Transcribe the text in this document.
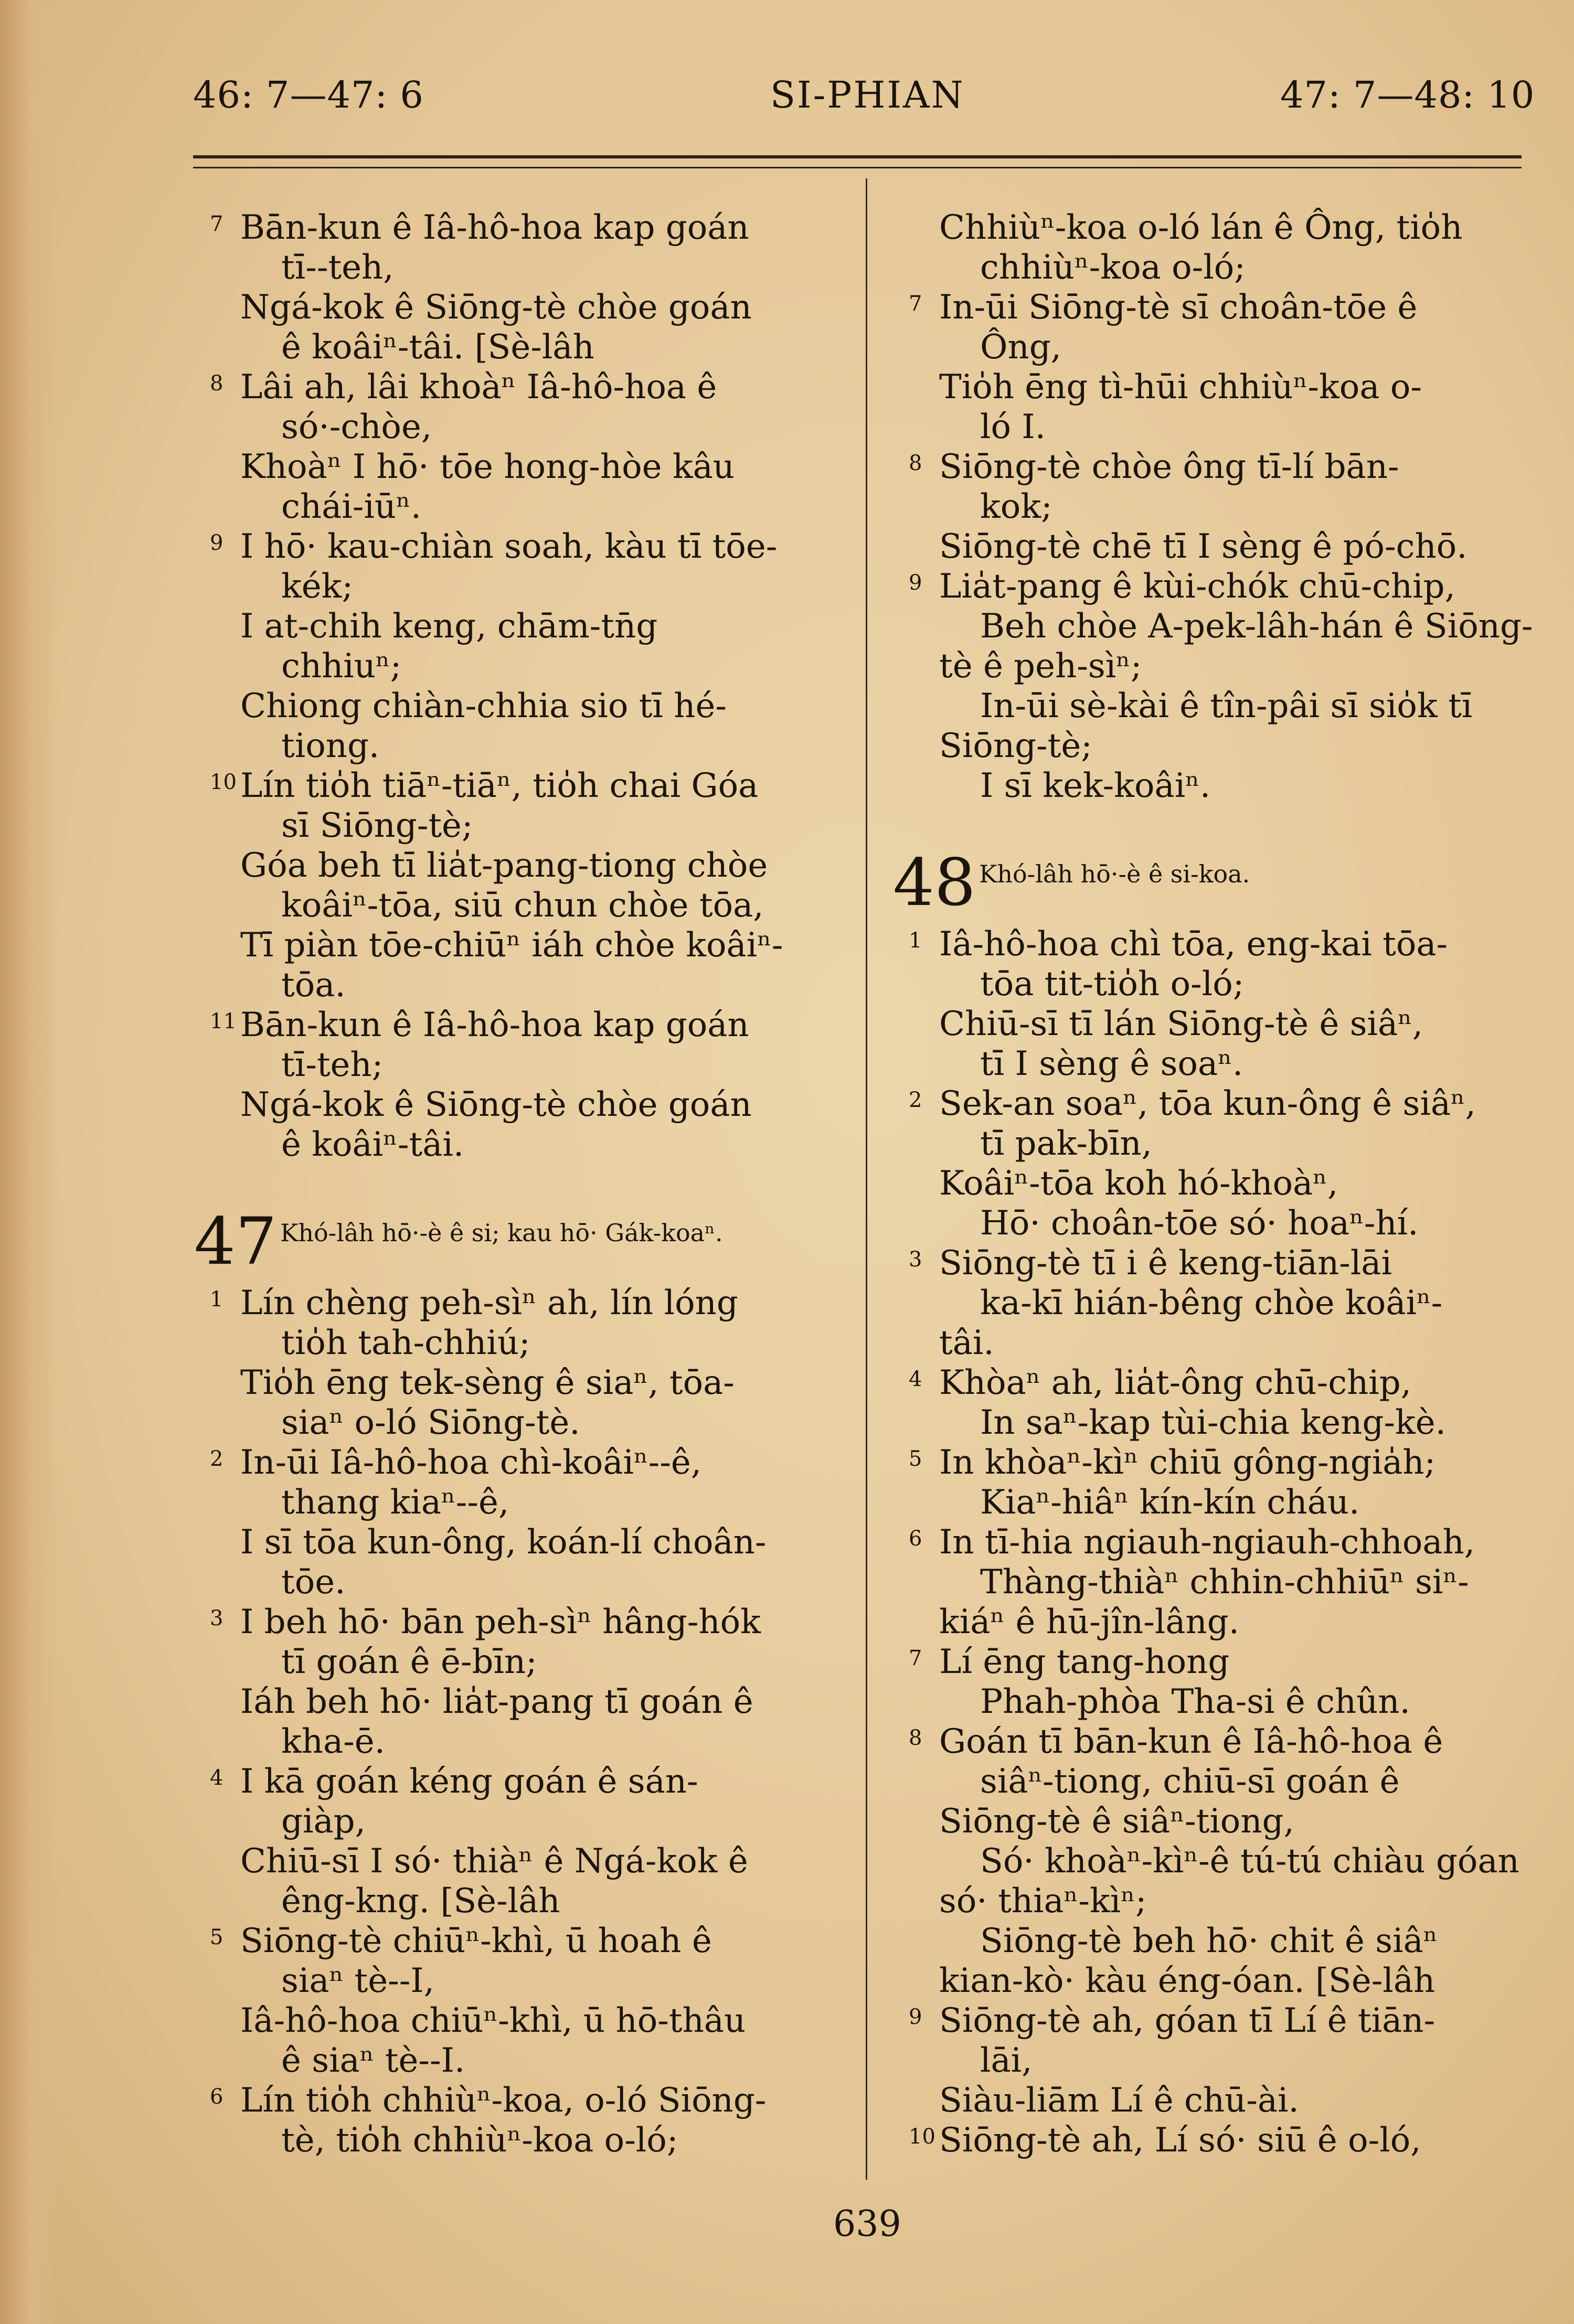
46: 7—47: 6	SI-PHIAN	47: 7—48: 10
7 Bān-kun ê Iâ-hô-hoa kap goán
tī--teh,
Ngá-kok ê Siōng-tè chòe goán
ê koâiⁿ-tâi. [Sè-lâh
8 Lâi ah, lâi khoàⁿ Iâ-hô-hoa ê
só·-chòe,
Khoàⁿ I hō· tōe hong-hòe kâu
chái-iūⁿ.
9 I hō· kau-chiàn soah, kàu tī tōe-
kék;
I at-chih keng, chām-tn̄g
chhiuⁿ;
Chiong chiàn-chhia sio tī hé-
tiong.
10 Lín tio̍h tiāⁿ-tiāⁿ, tio̍h chai Góa
sī Siōng-tè;
Góa beh tī lia̍t-pang-tiong chòe
koâiⁿ-tōa, siū chun chòe tōa,
Tī piàn tōe-chiūⁿ iáh chòe koâiⁿ-
tōa.
11 Bān-kun ê Iâ-hô-hoa kap goán
tī-teh;
Ngá-kok ê Siōng-tè chòe goán
ê koâiⁿ-tâi.
47 Khó-lâh hō·-è ê si; kau hō· Gák-koaⁿ.
1 Lín chèng peh-sìⁿ ah, lín lóng
tio̍h tah-chhiú;
Tio̍h ēng tek-sèng ê siaⁿ, tōa-
siaⁿ o-ló Siōng-tè.
2 In-ūi Iâ-hô-hoa chì-koâiⁿ--ê,
thang kiaⁿ--ê,
I sī tōa kun-ông, koán-lí choân-
tōe.
3 I beh hō· bān peh-sìⁿ hâng-hók
tī goán ê ē-bīn;
Iáh beh hō· lia̍t-pang tī goán ê
kha-ē.
4 I kā goán kéng goán ê sán-
giàp,
Chiū-sī I só· thiàⁿ ê Ngá-kok ê
êng-kng. [Sè-lâh
5 Siōng-tè chiūⁿ-khì, ū hoah ê
siaⁿ tè--I,
Iâ-hô-hoa chiūⁿ-khì, ū hō-thâu
ê siaⁿ tè--I.
6 Lín tio̍h chhiùⁿ-koa, o-ló Siōng-
tè, tio̍h chhiùⁿ-koa o-ló;
Chhiùⁿ-koa o-ló lán ê Ông, tio̍h
chhiùⁿ-koa o-ló;
7 In-ūi Siōng-tè sī choân-tōe ê
Ông,
Tio̍h ēng tì-hūi chhiùⁿ-koa o-
ló I.
8 Siōng-tè chòe ông tī-lí bān-
kok;
Siōng-tè chē tī I sèng ê pó-chō.
9 Lia̍t-pang ê kùi-chók chū-chip,
Beh chòe A-pek-lâh-hán ê Siōng-
tè ê peh-sìⁿ;
In-ūi sè-kài ê tîn-pâi sī sio̍k tī
Siōng-tè;
I sī kek-koâiⁿ.
48 Khó-lâh hō·-è ê si-koa.
1 Iâ-hô-hoa chì tōa, eng-kai tōa-
tōa tit-tio̍h o-ló;
Chiū-sī tī lán Siōng-tè ê siâⁿ,
tī I sèng ê soaⁿ.
2 Sek-an soaⁿ, tōa kun-ông ê siâⁿ,
tī pak-bīn,
Koâiⁿ-tōa koh hó-khoàⁿ,
Hō· choân-tōe só· hoaⁿ-hí.
3 Siōng-tè tī i ê keng-tiān-lāi
ka-kī hián-bêng chòe koâiⁿ-
tâi.
4 Khòaⁿ ah, lia̍t-ông chū-chip,
In saⁿ-kap tùi-chia keng-kè.
5 In khòaⁿ-kìⁿ chiū gông-ngia̍h;
Kiaⁿ-hiâⁿ kín-kín cháu.
6 In tī-hia ngiauh-ngiauh-chhoah,
Thàng-thiàⁿ chhin-chhiūⁿ siⁿ-
kiáⁿ ê hū-jîn-lâng.
7 Lí ēng tang-hong
Phah-phòa Tha-si ê chûn.
8 Goán tī bān-kun ê Iâ-hô-hoa ê
siâⁿ-tiong, chiū-sī goán ê
Siōng-tè ê siâⁿ-tiong,
Só· khoàⁿ-kìⁿ-ê tú-tú chiàu góan
só· thiaⁿ-kìⁿ;
Siōng-tè beh hō· chit ê siâⁿ
kian-kò· kàu éng-óan. [Sè-lâh
9 Siōng-tè ah, góan tī Lí ê tiān-
lāi,
Siàu-liām Lí ê chū-ài.
10 Siōng-tè ah, Lí só· siū ê o-ló,
639
